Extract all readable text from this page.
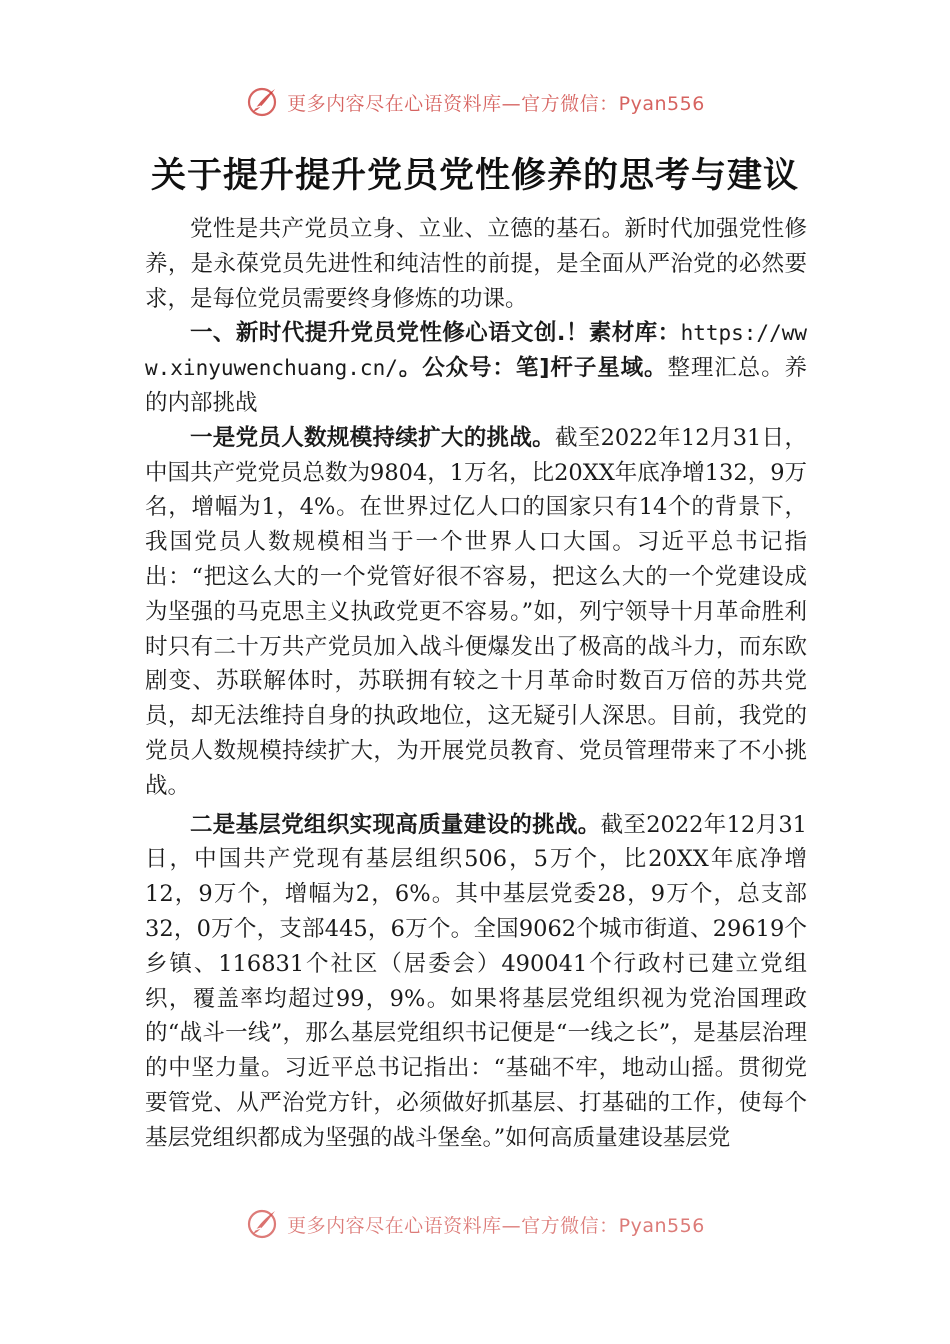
更多内容尽在心语资料库—官方微信：Pyan556
关于提升提升党员党性修养的思考与建议

党性是共产党员立身、立业、立德的基石。新时代加强党性修养，是永葆党员先进性和纯洁性的前提，是全面从严治党的必然要求，是每位党员需要终身修炼的功课。

一、新时代提升党员党性修心语文创.！素材库：https://www.xinyuwenchuang.cn/。公众号：笔]杆子星域。整理汇总。养的内部挑战

一是党员人数规模持续扩大的挑战。截至2022年12月31日，中国共产党党员总数为9804，1万名，比20XX年底净增132，9万名，增幅为1，4%。在世界过亿人口的国家只有14个的背景下，我国党员人数规模相当于一个世界人口大国。习近平总书记指出：“把这么大的一个党管好很不容易，把这么大的一个党建设成为坚强的马克思主义执政党更不容易。”如，列宁领导十月革命胜利时只有二十万共产党员加入战斗便爆发出了极高的战斗力，而东欧剧变、苏联解体时，苏联拥有较之十月革命时数百万倍的苏共党员，却无法维持自身的执政地位，这无疑引人深思。目前，我党的党员人数规模持续扩大，为开展党员教育、党员管理带来了不小挑战。

二是基层党组织实现高质量建设的挑战。截至2022年12月31日，中国共产党现有基层组织506，5万个，比20XX年底净增12，9万个，增幅为2，6%。其中基层党委28，9万个，总支部32，0万个，支部445，6万个。全国9062个城市街道、29619个乡镇、116831个社区（居委会）490041个行政村已建立党组织，覆盖率均超过99，9%。如果将基层党组织视为党治国理政的“战斗一线”，那么基层党组织书记便是“一线之长”，是基层治理的中坚力量。习近平总书记指出：“基础不牢，地动山摇。贯彻党要管党、从严治党方针，必须做好抓基层、打基础的工作，使每个基层党组织都成为坚强的战斗堡垒。”如何高质量建设基层党

更多内容尽在心语资料库—官方微信：Pyan556
